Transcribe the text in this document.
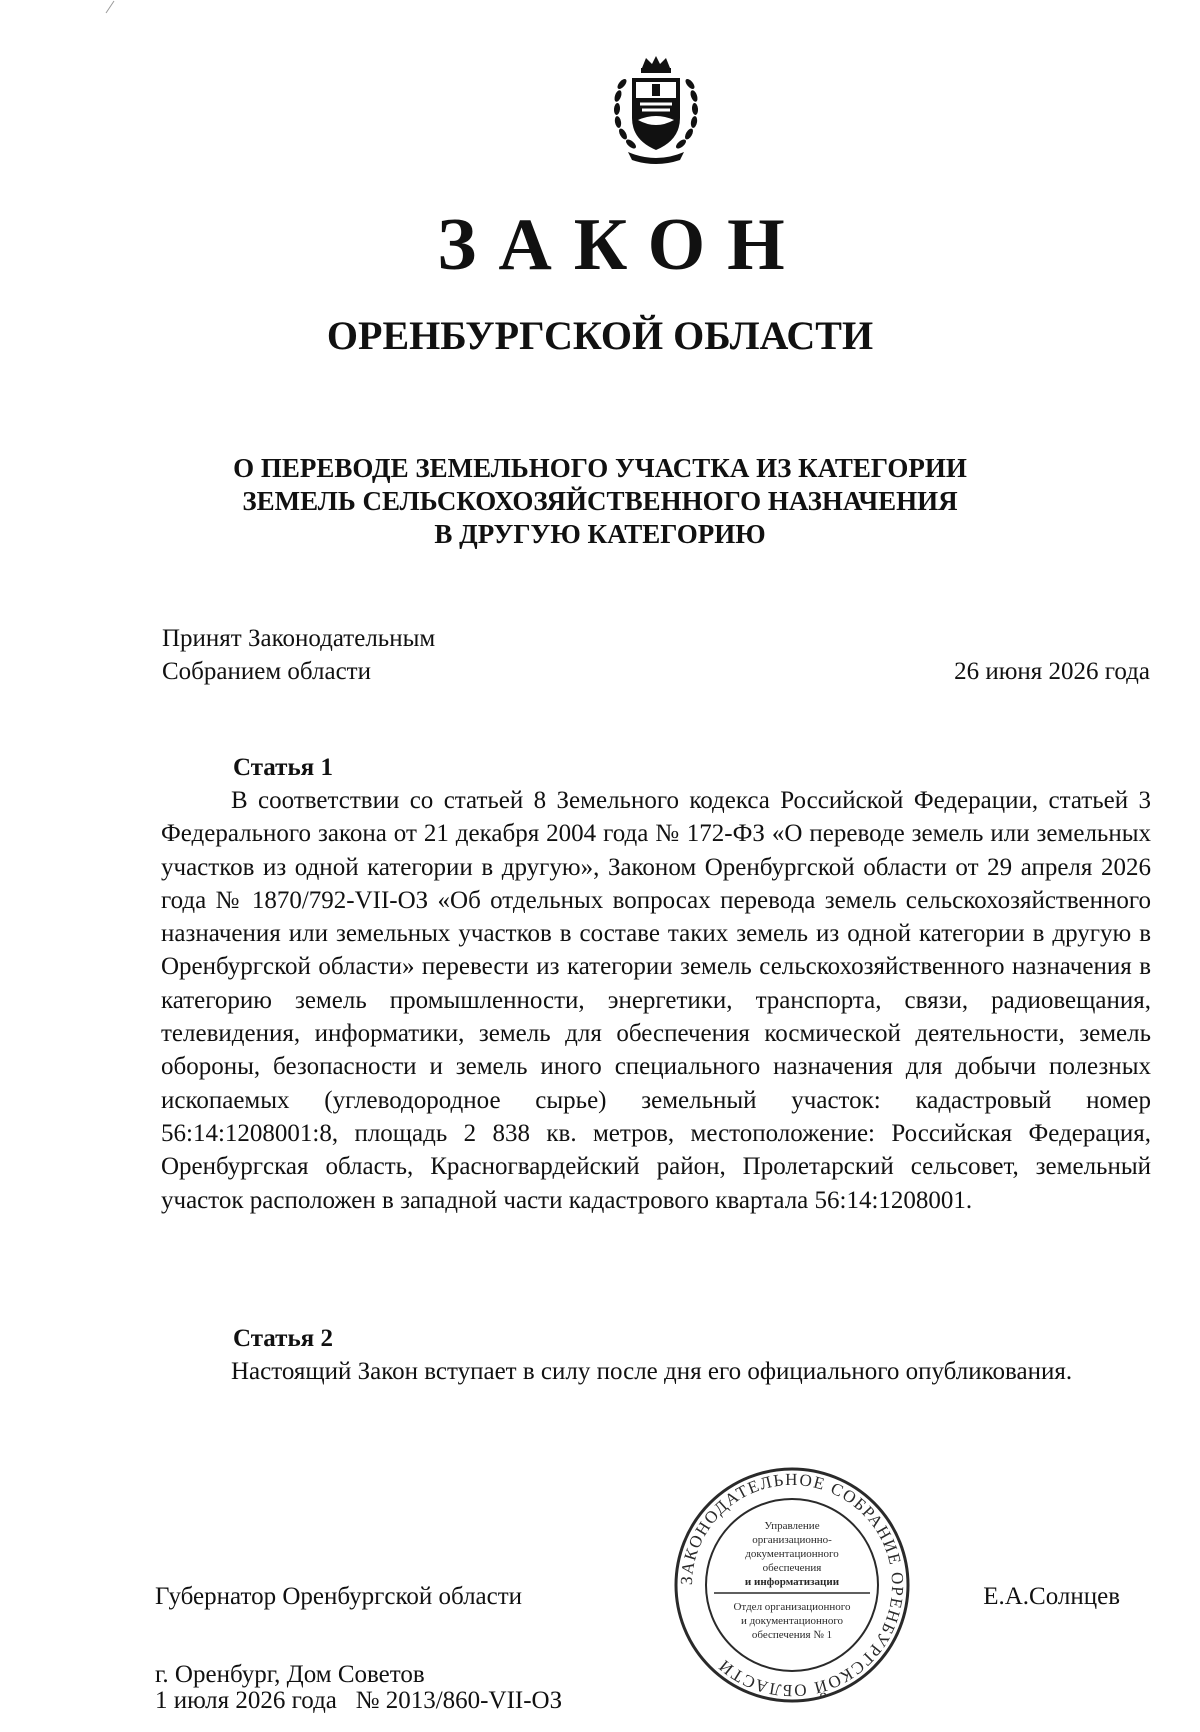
ЗАКОН
ОРЕНБУРГСКОЙ ОБЛАСТИ
О ПЕРЕВОДЕ ЗЕМЕЛЬНОГО УЧАСТКА ИЗ КАТЕГОРИИ
ЗЕМЕЛЬ СЕЛЬСКОХОЗЯЙСТВЕННОГО НАЗНАЧЕНИЯ
В ДРУГУЮ КАТЕГОРИЮ
Принят Законодательным
Собранием области	26 июня 2026 года
Статья 1
В соответствии со статьей 8 Земельного кодекса Российской Федерации, статьей 3 Федерального закона от 21 декабря 2004 года № 172-ФЗ «О переводе земель или земельных участков из одной категории в другую», Законом Оренбургской области от 29 апреля 2026 года № 1870/792-VII-ОЗ «Об отдельных вопросах перевода земель сельскохозяйственного назначения или земельных участков в составе таких земель из одной категории в другую в Оренбургской области» перевести из категории земель сельскохозяйственного назначения в категорию земель промышленности, энергетики, транспорта, связи, радиовещания, телевидения, информатики, земель для обеспечения космической деятельности, земель обороны, безопасности и земель иного специального назначения для добычи полезных ископаемых (углеводородное сырье) земельный участок: кадастровый номер 56:14:1208001:8, площадь 2 838 кв. метров, местоположение: Российская Федерация, Оренбургская область, Красногвардейский район, Пролетарский сельсовет, земельный участок расположен в западной части кадастрового квартала 56:14:1208001.
Статья 2
Настоящий Закон вступает в силу после дня его официального опубликования.
ЗАКОНОДАТЕЛЬНОЕ СОБРАНИЕ ОРЕНБУРГСКОЙ ОБЛАСТИ
Управление
организационно-
документационного
обеспечения
и информатизации
Отдел организационного
и документационного
обеспечения № 1
Губернатор Оренбургской области	Е.А.Солнцев
г. Оренбург, Дом Советов
1 июля 2026 года   № 2013/860-VII-ОЗ
